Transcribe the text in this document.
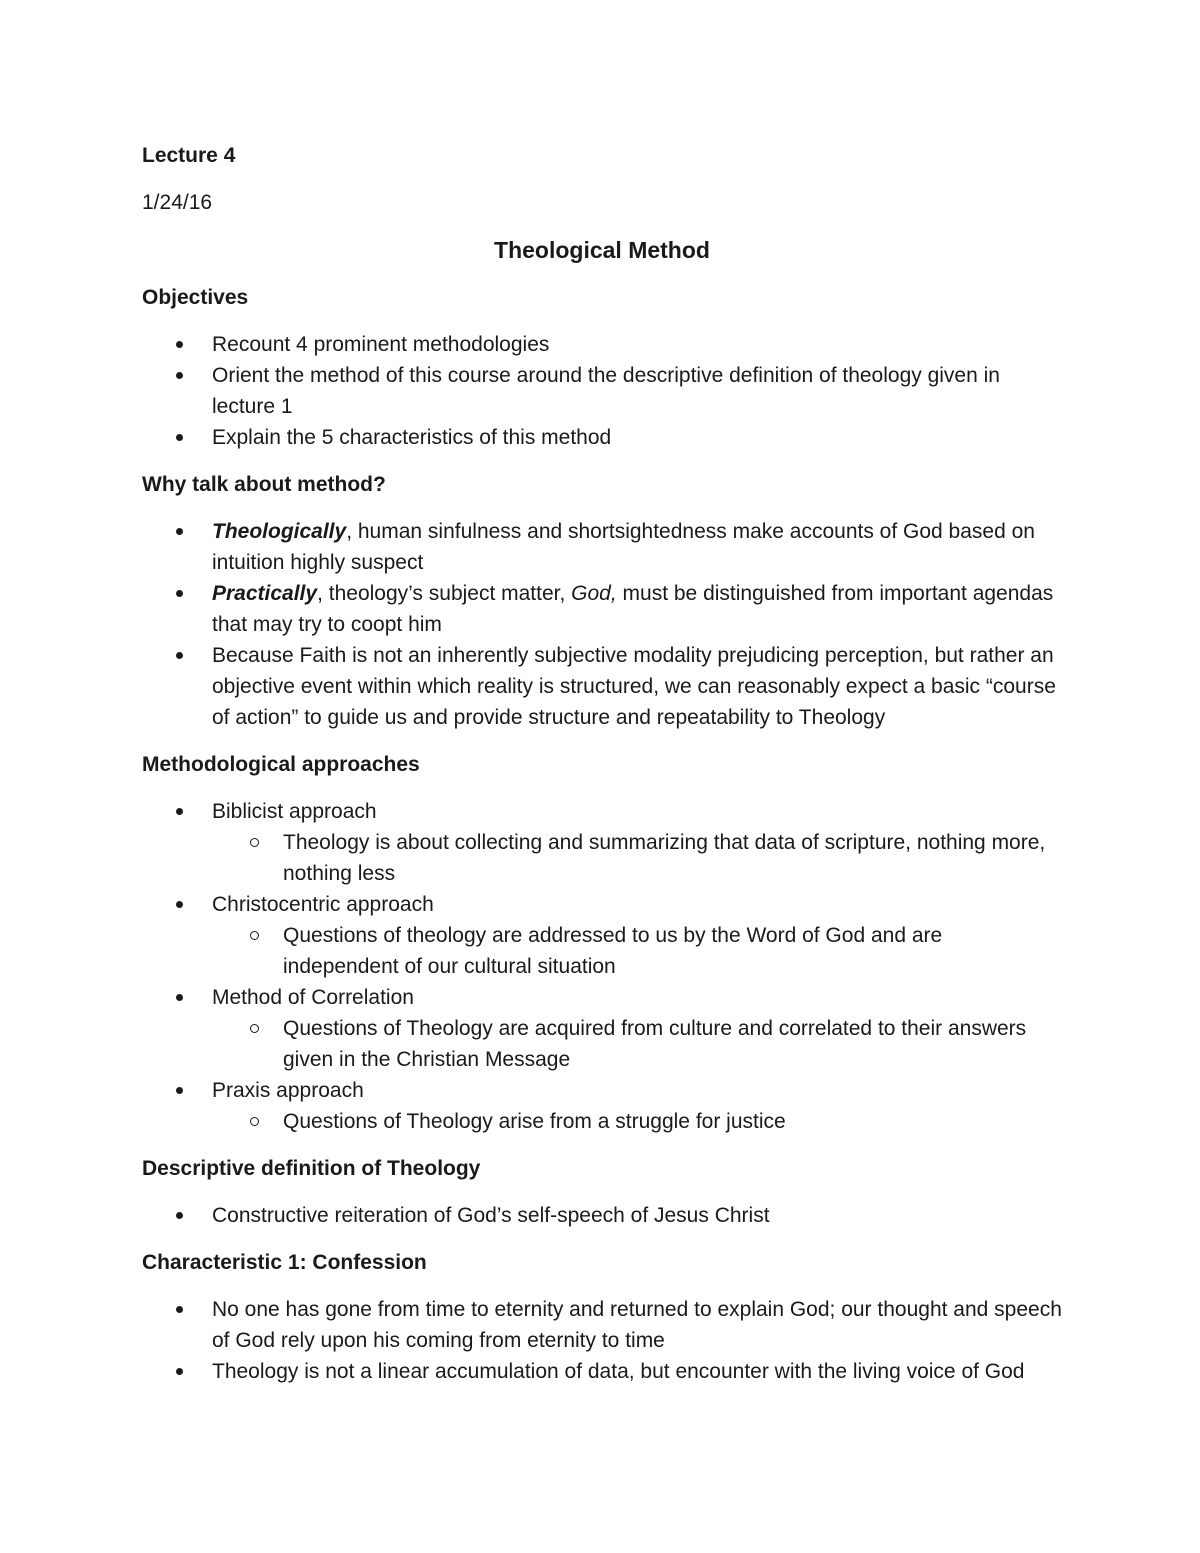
Lecture 4

1/24/16

Theological Method

Objectives

Recount 4 prominent methodologies
Orient the method of this course around the descriptive definition of theology given in lecture 1
Explain the 5 characteristics of this method

Why talk about method?

Theologically, human sinfulness and shortsightedness make accounts of God based on intuition highly suspect
Practically, theology’s subject matter, God, must be distinguished from important agendas that may try to coopt him
Because Faith is not an inherently subjective modality prejudicing perception, but rather an objective event within which reality is structured, we can reasonably expect a basic “course of action” to guide us and provide structure and repeatability to Theology

Methodological approaches

Biblicist approach
Theology is about collecting and summarizing that data of scripture, nothing more, nothing less
Christocentric approach
Questions of theology are addressed to us by the Word of God and are independent of our cultural situation
Method of Correlation
Questions of Theology are acquired from culture and correlated to their answers given in the Christian Message
Praxis approach
Questions of Theology arise from a struggle for justice

Descriptive definition of Theology

Constructive reiteration of God’s self-speech of Jesus Christ

Characteristic 1: Confession

No one has gone from time to eternity and returned to explain God; our thought and speech of God rely upon his coming from eternity to time
Theology is not a linear accumulation of data, but encounter with the living voice of God
